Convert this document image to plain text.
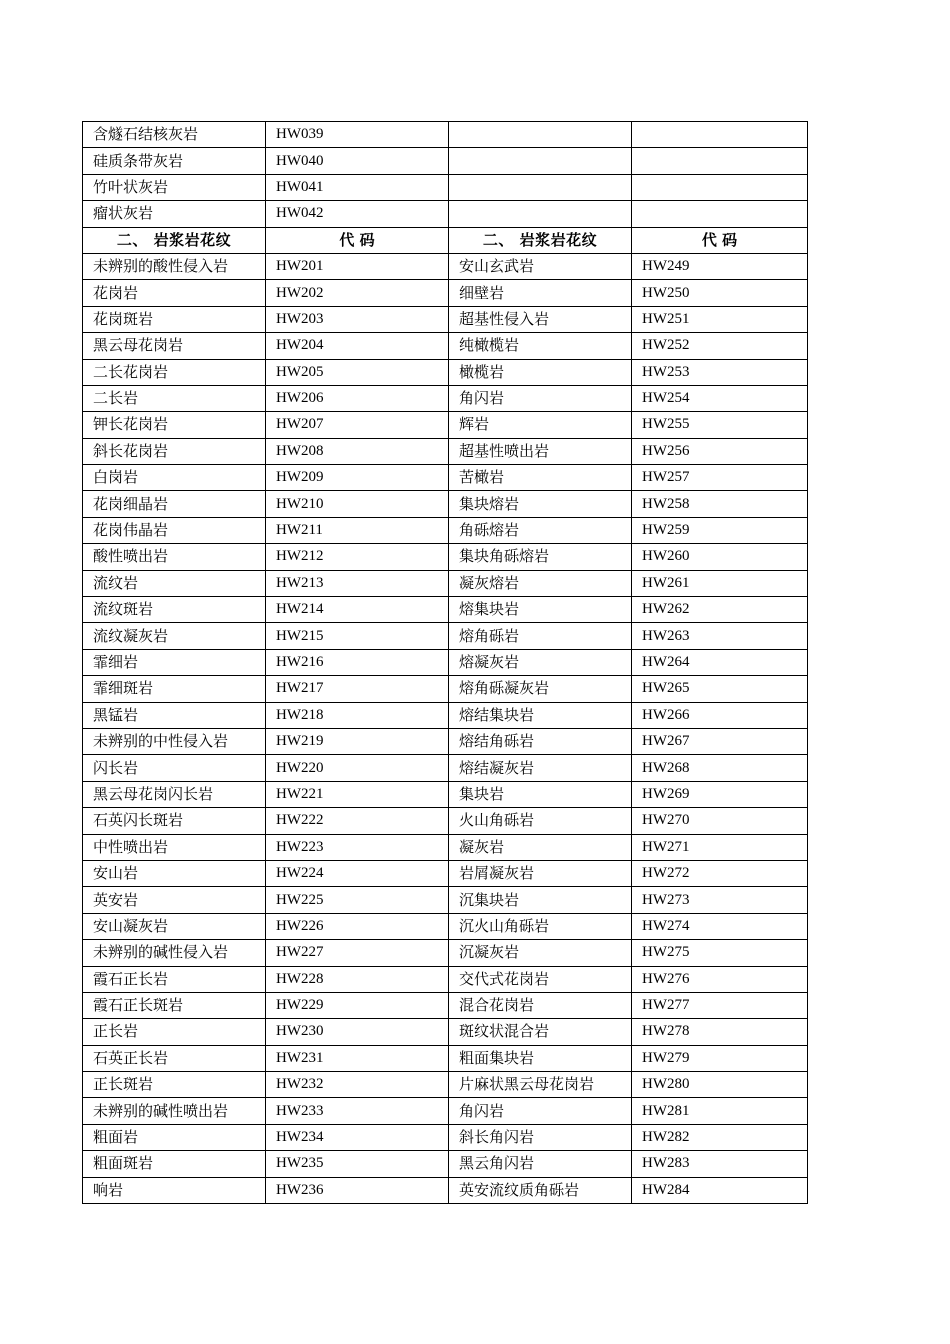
含燧石结核灰岩	HW039		
硅质条带灰岩	HW040		
竹叶状灰岩	HW041		
瘤状灰岩	HW042		
二、 岩浆岩花纹	代 码	二、 岩浆岩花纹	代 码
未辨别的酸性侵入岩	HW201	安山玄武岩	HW249
花岗岩	HW202	细壁岩	HW250
花岗斑岩	HW203	超基性侵入岩	HW251
黑云母花岗岩	HW204	纯橄榄岩	HW252
二长花岗岩	HW205	橄榄岩	HW253
二长岩	HW206	角闪岩	HW254
钾长花岗岩	HW207	辉岩	HW255
斜长花岗岩	HW208	超基性喷出岩	HW256
白岗岩	HW209	苦橄岩	HW257
花岗细晶岩	HW210	集块熔岩	HW258
花岗伟晶岩	HW211	角砾熔岩	HW259
酸性喷出岩	HW212	集块角砾熔岩	HW260
流纹岩	HW213	凝灰熔岩	HW261
流纹斑岩	HW214	熔集块岩	HW262
流纹凝灰岩	HW215	熔角砾岩	HW263
霏细岩	HW216	熔凝灰岩	HW264
霏细斑岩	HW217	熔角砾凝灰岩	HW265
黑锰岩	HW218	熔结集块岩	HW266
未辨别的中性侵入岩	HW219	熔结角砾岩	HW267
闪长岩	HW220	熔结凝灰岩	HW268
黑云母花岗闪长岩	HW221	集块岩	HW269
石英闪长斑岩	HW222	火山角砾岩	HW270
中性喷出岩	HW223	凝灰岩	HW271
安山岩	HW224	岩屑凝灰岩	HW272
英安岩	HW225	沉集块岩	HW273
安山凝灰岩	HW226	沉火山角砾岩	HW274
未辨别的碱性侵入岩	HW227	沉凝灰岩	HW275
霞石正长岩	HW228	交代式花岗岩	HW276
霞石正长斑岩	HW229	混合花岗岩	HW277
正长岩	HW230	斑纹状混合岩	HW278
石英正长岩	HW231	粗面集块岩	HW279
正长斑岩	HW232	片麻状黑云母花岗岩	HW280
未辨别的碱性喷出岩	HW233	角闪岩	HW281
粗面岩	HW234	斜长角闪岩	HW282
粗面斑岩	HW235	黑云角闪岩	HW283
响岩	HW236	英安流纹质角砾岩	HW284
